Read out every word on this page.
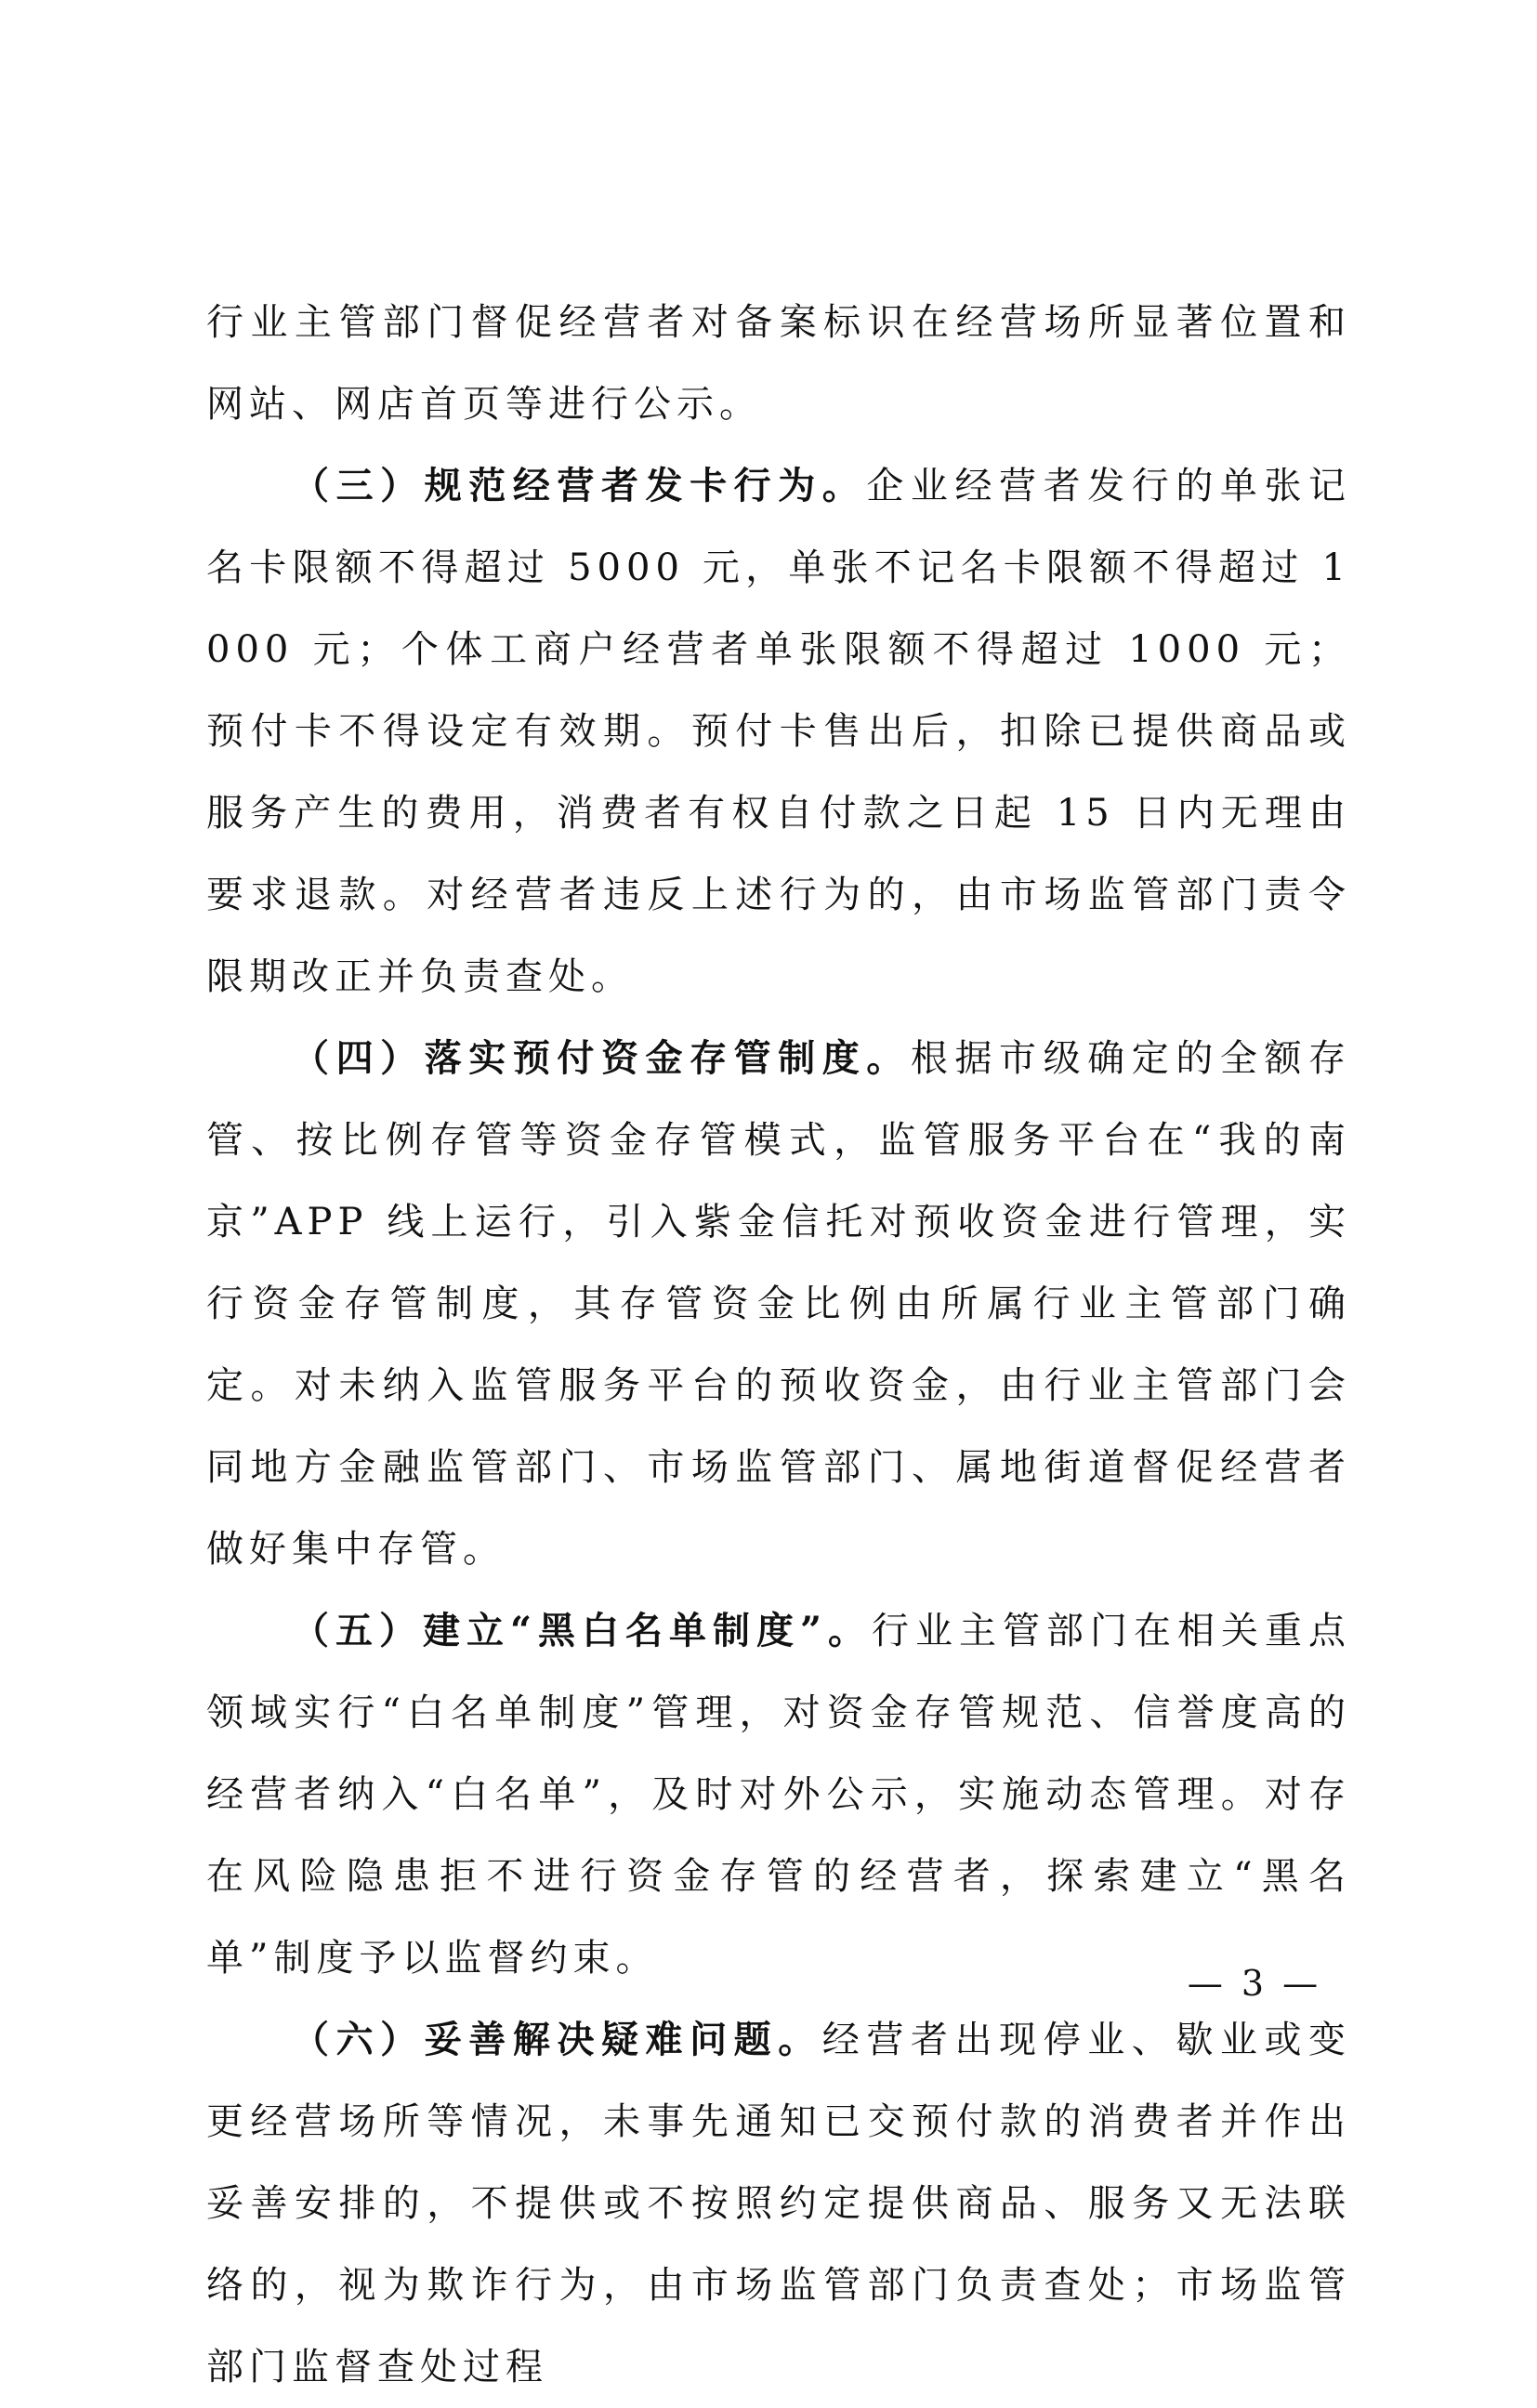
行业主管部门督促经营者对备案标识在经营场所显著位置和网站、网店首页等进行公示。

（三）规范经营者发卡行为。企业经营者发行的单张记名卡限额不得超过 5000 元，单张不记名卡限额不得超过 1000 元；个体工商户经营者单张限额不得超过 1000 元；预付卡不得设定有效期。预付卡售出后，扣除已提供商品或服务产生的费用，消费者有权自付款之日起 15 日内无理由要求退款。对经营者违反上述行为的，由市场监管部门责令限期改正并负责查处。

（四）落实预付资金存管制度。根据市级确定的全额存管、按比例存管等资金存管模式，监管服务平台在“我的南京”APP 线上运行，引入紫金信托对预收资金进行管理，实行资金存管制度，其存管资金比例由所属行业主管部门确定。对未纳入监管服务平台的预收资金，由行业主管部门会同地方金融监管部门、市场监管部门、属地街道督促经营者做好集中存管。

（五）建立“黑白名单制度”。行业主管部门在相关重点领域实行“白名单制度”管理，对资金存管规范、信誉度高的经营者纳入“白名单”，及时对外公示，实施动态管理。对存在风险隐患拒不进行资金存管的经营者，探索建立“黑名单”制度予以监督约束。

（六）妥善解决疑难问题。经营者出现停业、歇业或变更经营场所等情况，未事先通知已交预付款的消费者并作出妥善安排的，不提供或不按照约定提供商品、服务又无法联络的，视为欺诈行为，由市场监管部门负责查处；市场监管部门监督查处过程

— 3 —
